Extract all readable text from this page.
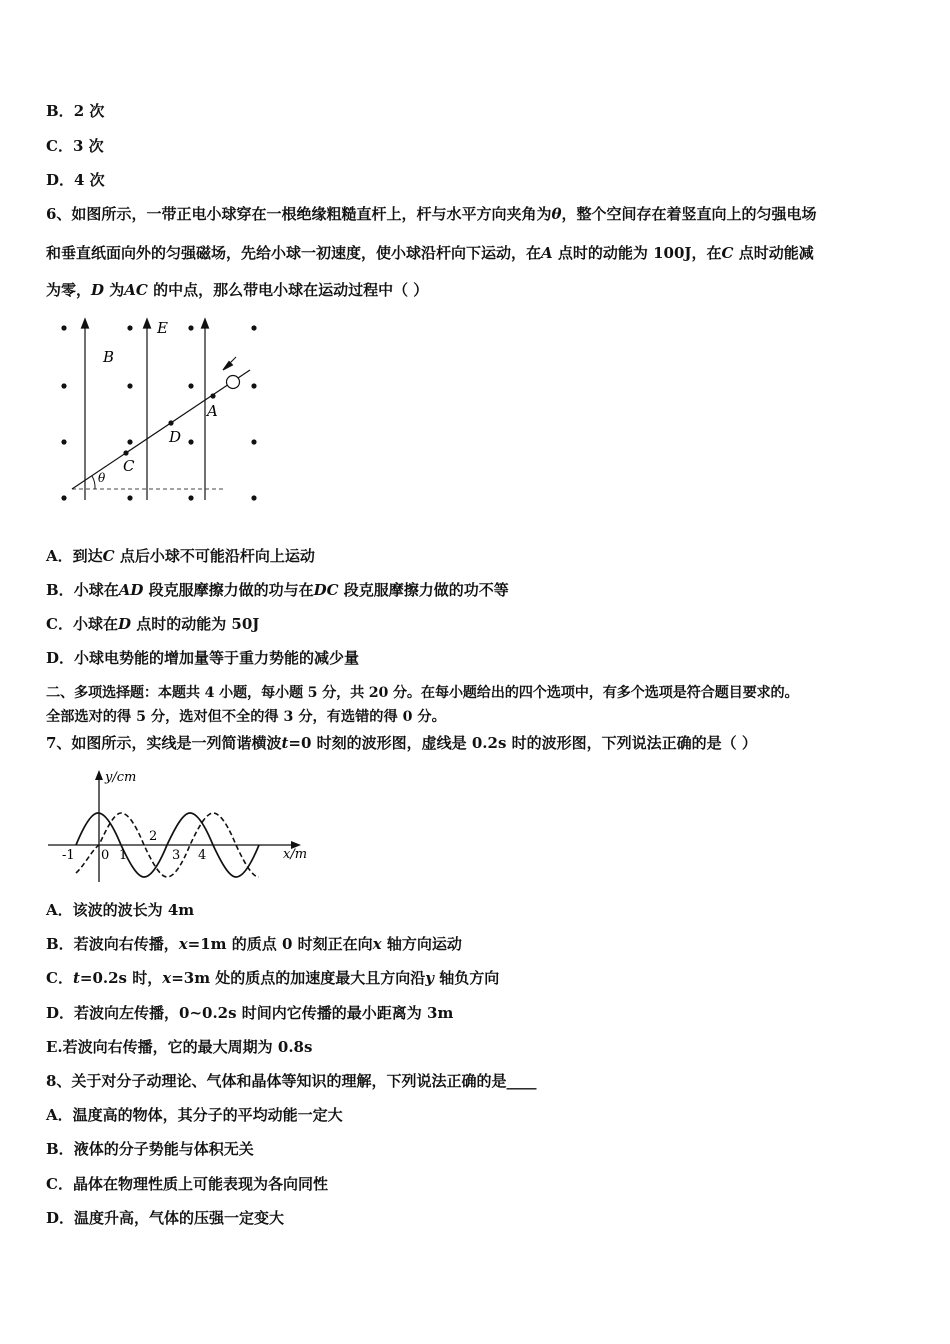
B．2 次
C．3 次
D．4 次
6、如图所示，一带正电小球穿在一根绝缘粗糙直杆上，杆与水平方向夹角为θ，整个空间存在着竖直向上的匀强电场
和垂直纸面向外的匀强磁场，先给小球一初速度，使小球沿杆向下运动，在A 点时的动能为 100J，在C 点时动能减
为零，D 为AC 的中点，那么带电小球在运动过程中（ ）
E
B
A
D
C
θ
A．到达C 点后小球不可能沿杆向上运动
B．小球在AD 段克服摩擦力做的功与在DC 段克服摩擦力做的功不等
C．小球在D 点时的动能为 50J
D．小球电势能的增加量等于重力势能的减少量
二、多项选择题：本题共 4 小题，每小题 5 分，共 20 分。在每小题给出的四个选项中，有多个选项是符合题目要求的。
全部选对的得 5 分，选对但不全的得 3 分，有选错的得 0 分。
7、如图所示，实线是一列简谐横波t=0 时刻的波形图，虚线是 0.2s 时的波形图，下列说法正确的是（ ）
y/cm
x/m
-1 0 1
2
3 4
A．该波的波长为 4m
B．若波向右传播，x=1m 的质点 0 时刻正在向x 轴方向运动
C．t=0.2s 时，x=3m 处的质点的加速度最大且方向沿y 轴负方向
D．若波向左传播，0~0.2s 时间内它传播的最小距离为 3m
E.若波向右传播，它的最大周期为 0.8s
8、关于对分子动理论、气体和晶体等知识的理解，下列说法正确的是____
A．温度高的物体，其分子的平均动能一定大
B．液体的分子势能与体积无关
C．晶体在物理性质上可能表现为各向同性
D．温度升高，气体的压强一定变大
